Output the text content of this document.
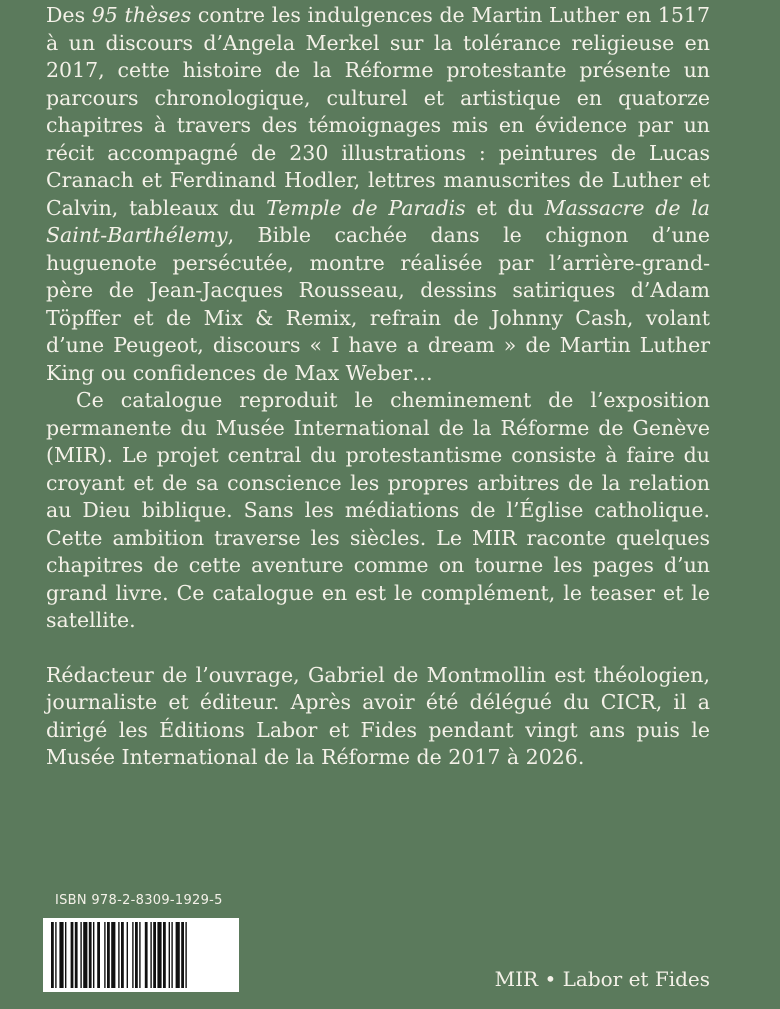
Des 95 thèses contre les indulgences de Martin Luther en 1517 à un discours d’Angela Merkel sur la tolérance religieuse en 2017, cette histoire de la Réforme protestante présente un parcours chronologique, culturel et artistique en quatorze chapitres à travers des témoignages mis en évidence par un récit accompagné de 230 illustrations : peintures de Lucas Cranach et Ferdinand Hodler, lettres manuscrites de Luther et Calvin, tableaux du Temple de Paradis et du Massacre de la Saint-Barthélemy, Bible cachée dans le chignon d’une huguenote persécutée, montre réalisée par l’arrière-grand-père de Jean-Jacques Rousseau, dessins satiriques d’Adam Töpffer et de Mix & Remix, refrain de Johnny Cash, volant d’une Peugeot, discours « I have a dream » de Martin Luther King ou confidences de Max Weber…

Ce catalogue reproduit le cheminement de l’exposition permanente du Musée International de la Réforme de Genève (MIR). Le projet central du protestantisme consiste à faire du croyant et de sa conscience les propres arbitres de la relation au Dieu biblique. Sans les médiations de l’Église catholique. Cette ambition traverse les siècles. Le MIR raconte quelques chapitres de cette aventure comme on tourne les pages d’un grand livre. Ce catalogue en est le complément, le teaser et le satellite.

Rédacteur de l’ouvrage, Gabriel de Montmollin est théologien, journaliste et éditeur. Après avoir été délégué du CICR, il a dirigé les Éditions Labor et Fides pendant vingt ans puis le Musée International de la Réforme de 2017 à 2026.

ISBN 978-2-8309-1929-5
MIR • Labor et Fides
